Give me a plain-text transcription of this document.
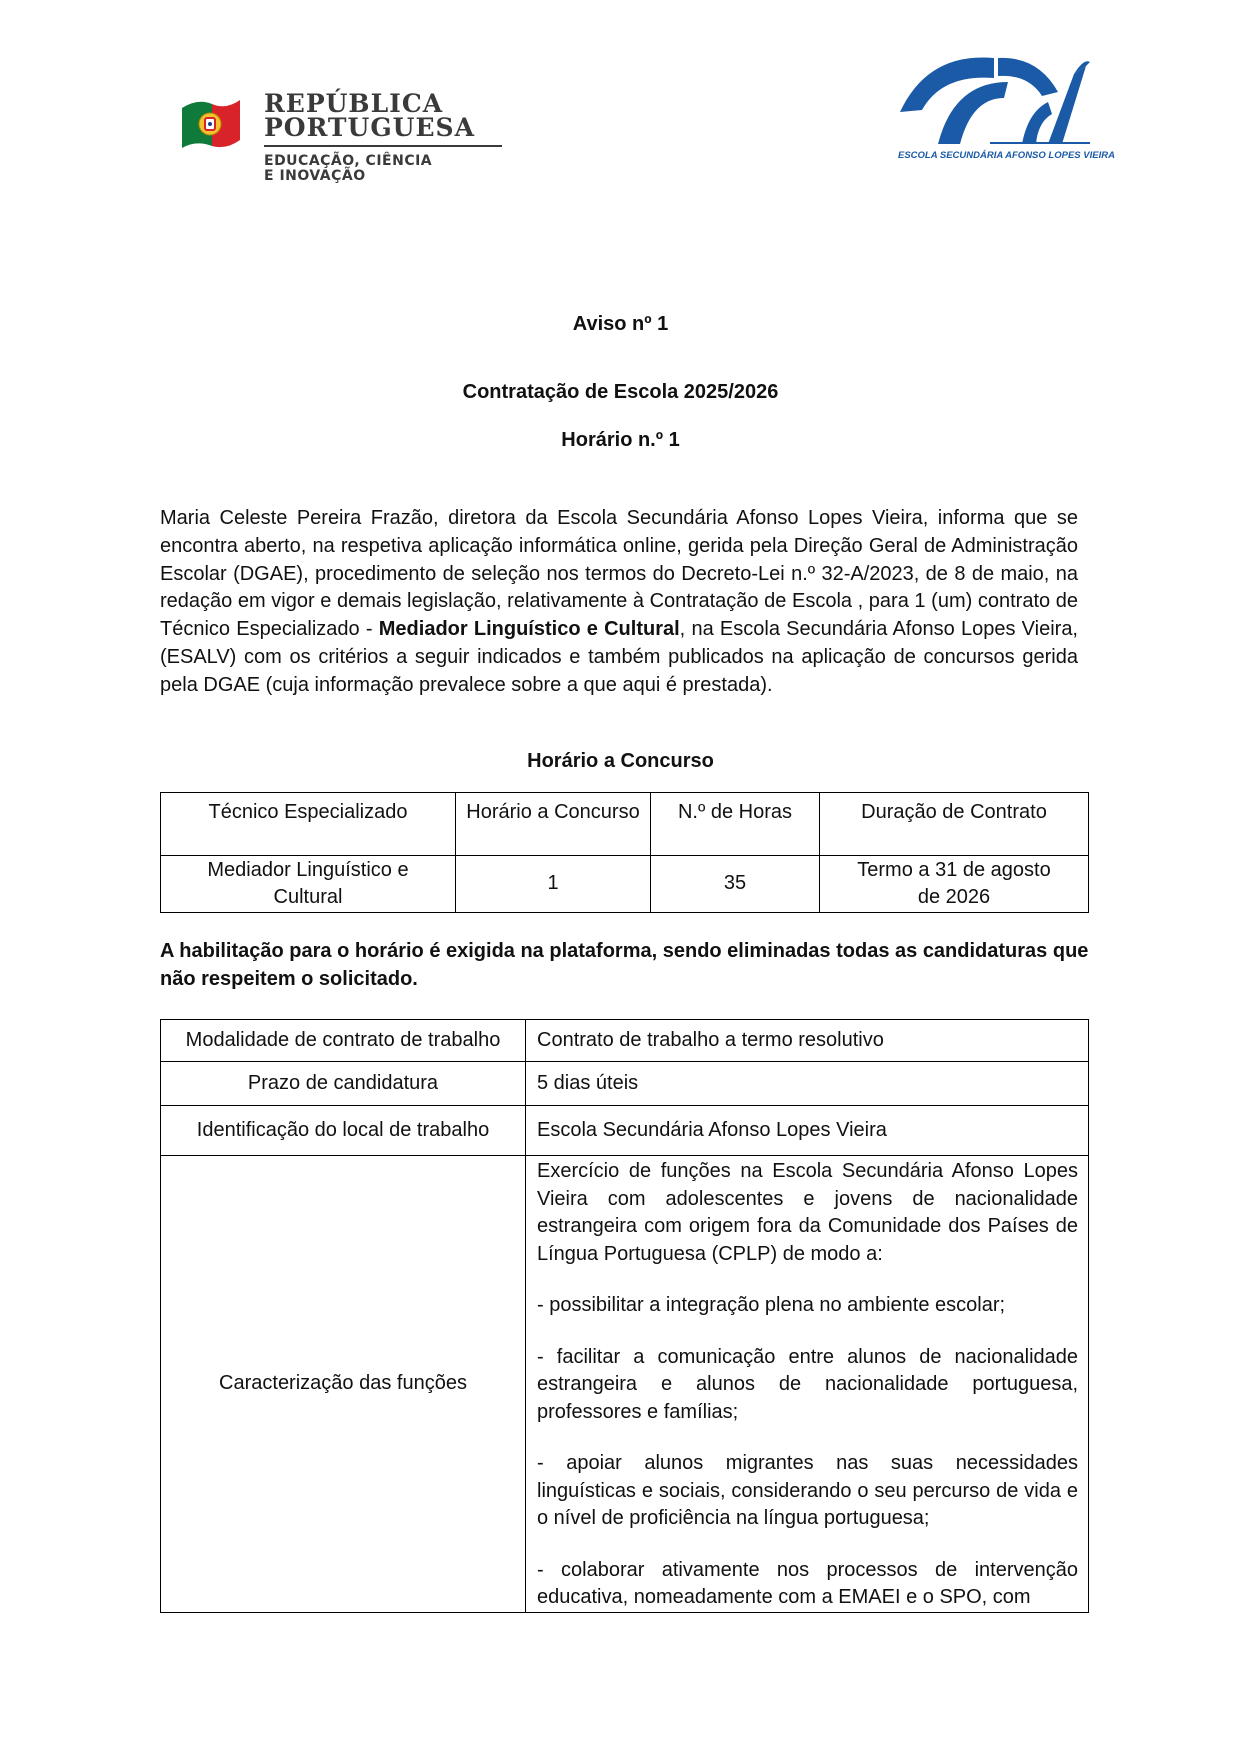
REPÚBLICA
PORTUGUESA
EDUCAÇÃO, CIÊNCIA
E INOVAÇÃO
ESCOLA SECUNDÁRIA AFONSO LOPES VIEIRA
Aviso nº 1
Contratação de Escola 2025/2026
Horário n.º 1
Maria Celeste Pereira Frazão, diretora da Escola Secundária Afonso Lopes Vieira, informa que se encontra aberto, na respetiva aplicação informática online, gerida pela Direção Geral de Administração Escolar (DGAE), procedimento de seleção nos termos do Decreto-Lei n.º 32-A/2023, de 8 de maio, na redação em vigor e demais legislação, relativamente à Contratação de Escola , para 1 (um) contrato de Técnico Especializado - Mediador Linguístico e Cultural, na Escola Secundária Afonso Lopes Vieira, (ESALV) com os critérios a seguir indicados e também publicados na aplicação de concursos gerida pela DGAE (cuja informação prevalece sobre a que aqui é prestada).
Horário a Concurso
Técnico Especializado	Horário a Concurso	N.º de Horas	Duração de Contrato
Mediador Linguístico e Cultural	1	35	Termo a 31 de agosto de 2026
A habilitação para o horário é exigida na plataforma, sendo eliminadas todas as candidaturas que não respeitem o solicitado.
Modalidade de contrato de trabalho	Contrato de trabalho a termo resolutivo
Prazo de candidatura	5 dias úteis
Identificação do local de trabalho	Escola Secundária Afonso Lopes Vieira
Caracterização das funções	Exercício de funções na Escola Secundária Afonso Lopes Vieira com adolescentes e jovens de nacionalidade estrangeira com origem fora da Comunidade dos Países de Língua Portuguesa (CPLP) de modo a:

- possibilitar a integração plena no ambiente escolar;

- facilitar a comunicação entre alunos de nacionalidade estrangeira e alunos de nacionalidade portuguesa, professores e famílias;

- apoiar alunos migrantes nas suas necessidades linguísticas e sociais, considerando o seu percurso de vida e o nível de proficiência na língua portuguesa;

- colaborar ativamente nos processos de intervenção educativa, nomeadamente com a EMAEI e o SPO, com
